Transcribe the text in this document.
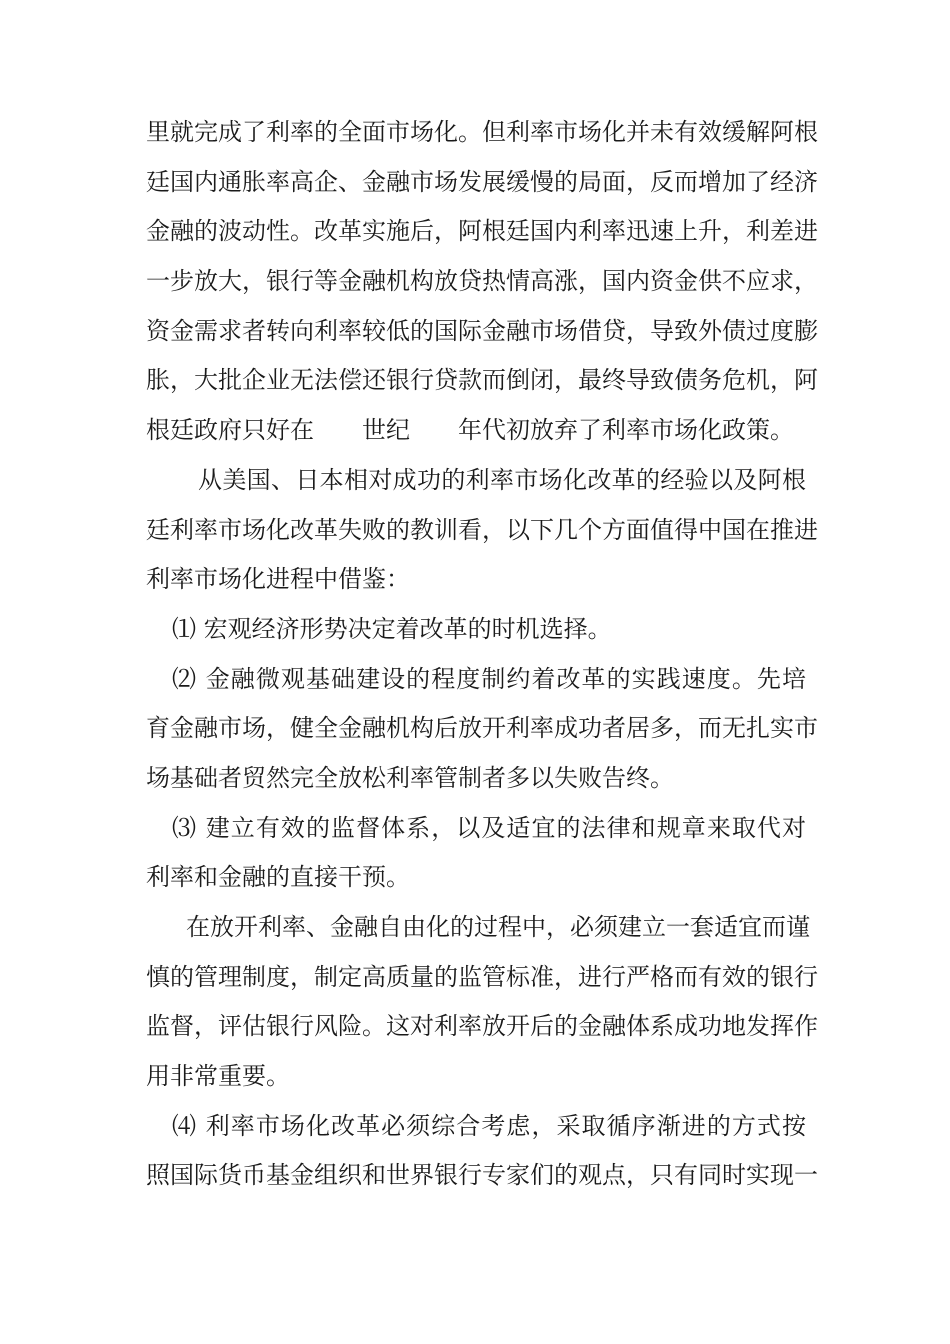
里就完成了利率的全面市场化。但利率市场化并未有效缓解阿根
廷国内通胀率高企、金融市场发展缓慢的局面，反而增加了经济
金融的波动性。改革实施后，阿根廷国内利率迅速上升，利差进
一步放大，银行等金融机构放贷热情高涨，国内资金供不应求，
资金需求者转向利率较低的国际金融市场借贷，导致外债过度膨
胀，大批企业无法偿还银行贷款而倒闭，最终导致债务危机，阿
根廷政府只好在　　世纪　　年代初放弃了利率市场化政策。
从美国、日本相对成功的利率市场化改革的经验以及阿根
廷利率市场化改革失败的教训看，以下几个方面值得中国在推进
利率市场化进程中借鉴：
⑴ 宏观经济形势决定着改革的时机选择。
⑵ 金融微观基础建设的程度制约着改革的实践速度。先培
育金融市场，健全金融机构后放开利率成功者居多，而无扎实市
场基础者贸然完全放松利率管制者多以失败告终。
⑶ 建立有效的监督体系，以及适宜的法律和规章来取代对
利率和金融的直接干预。
在放开利率、金融自由化的过程中，必须建立一套适宜而谨
慎的管理制度，制定高质量的监管标准，进行严格而有效的银行
监督，评估银行风险。这对利率放开后的金融体系成功地发挥作
用非常重要。
⑷ 利率市场化改革必须综合考虑，采取循序渐进的方式按
照国际货币基金组织和世界银行专家们的观点，只有同时实现一
